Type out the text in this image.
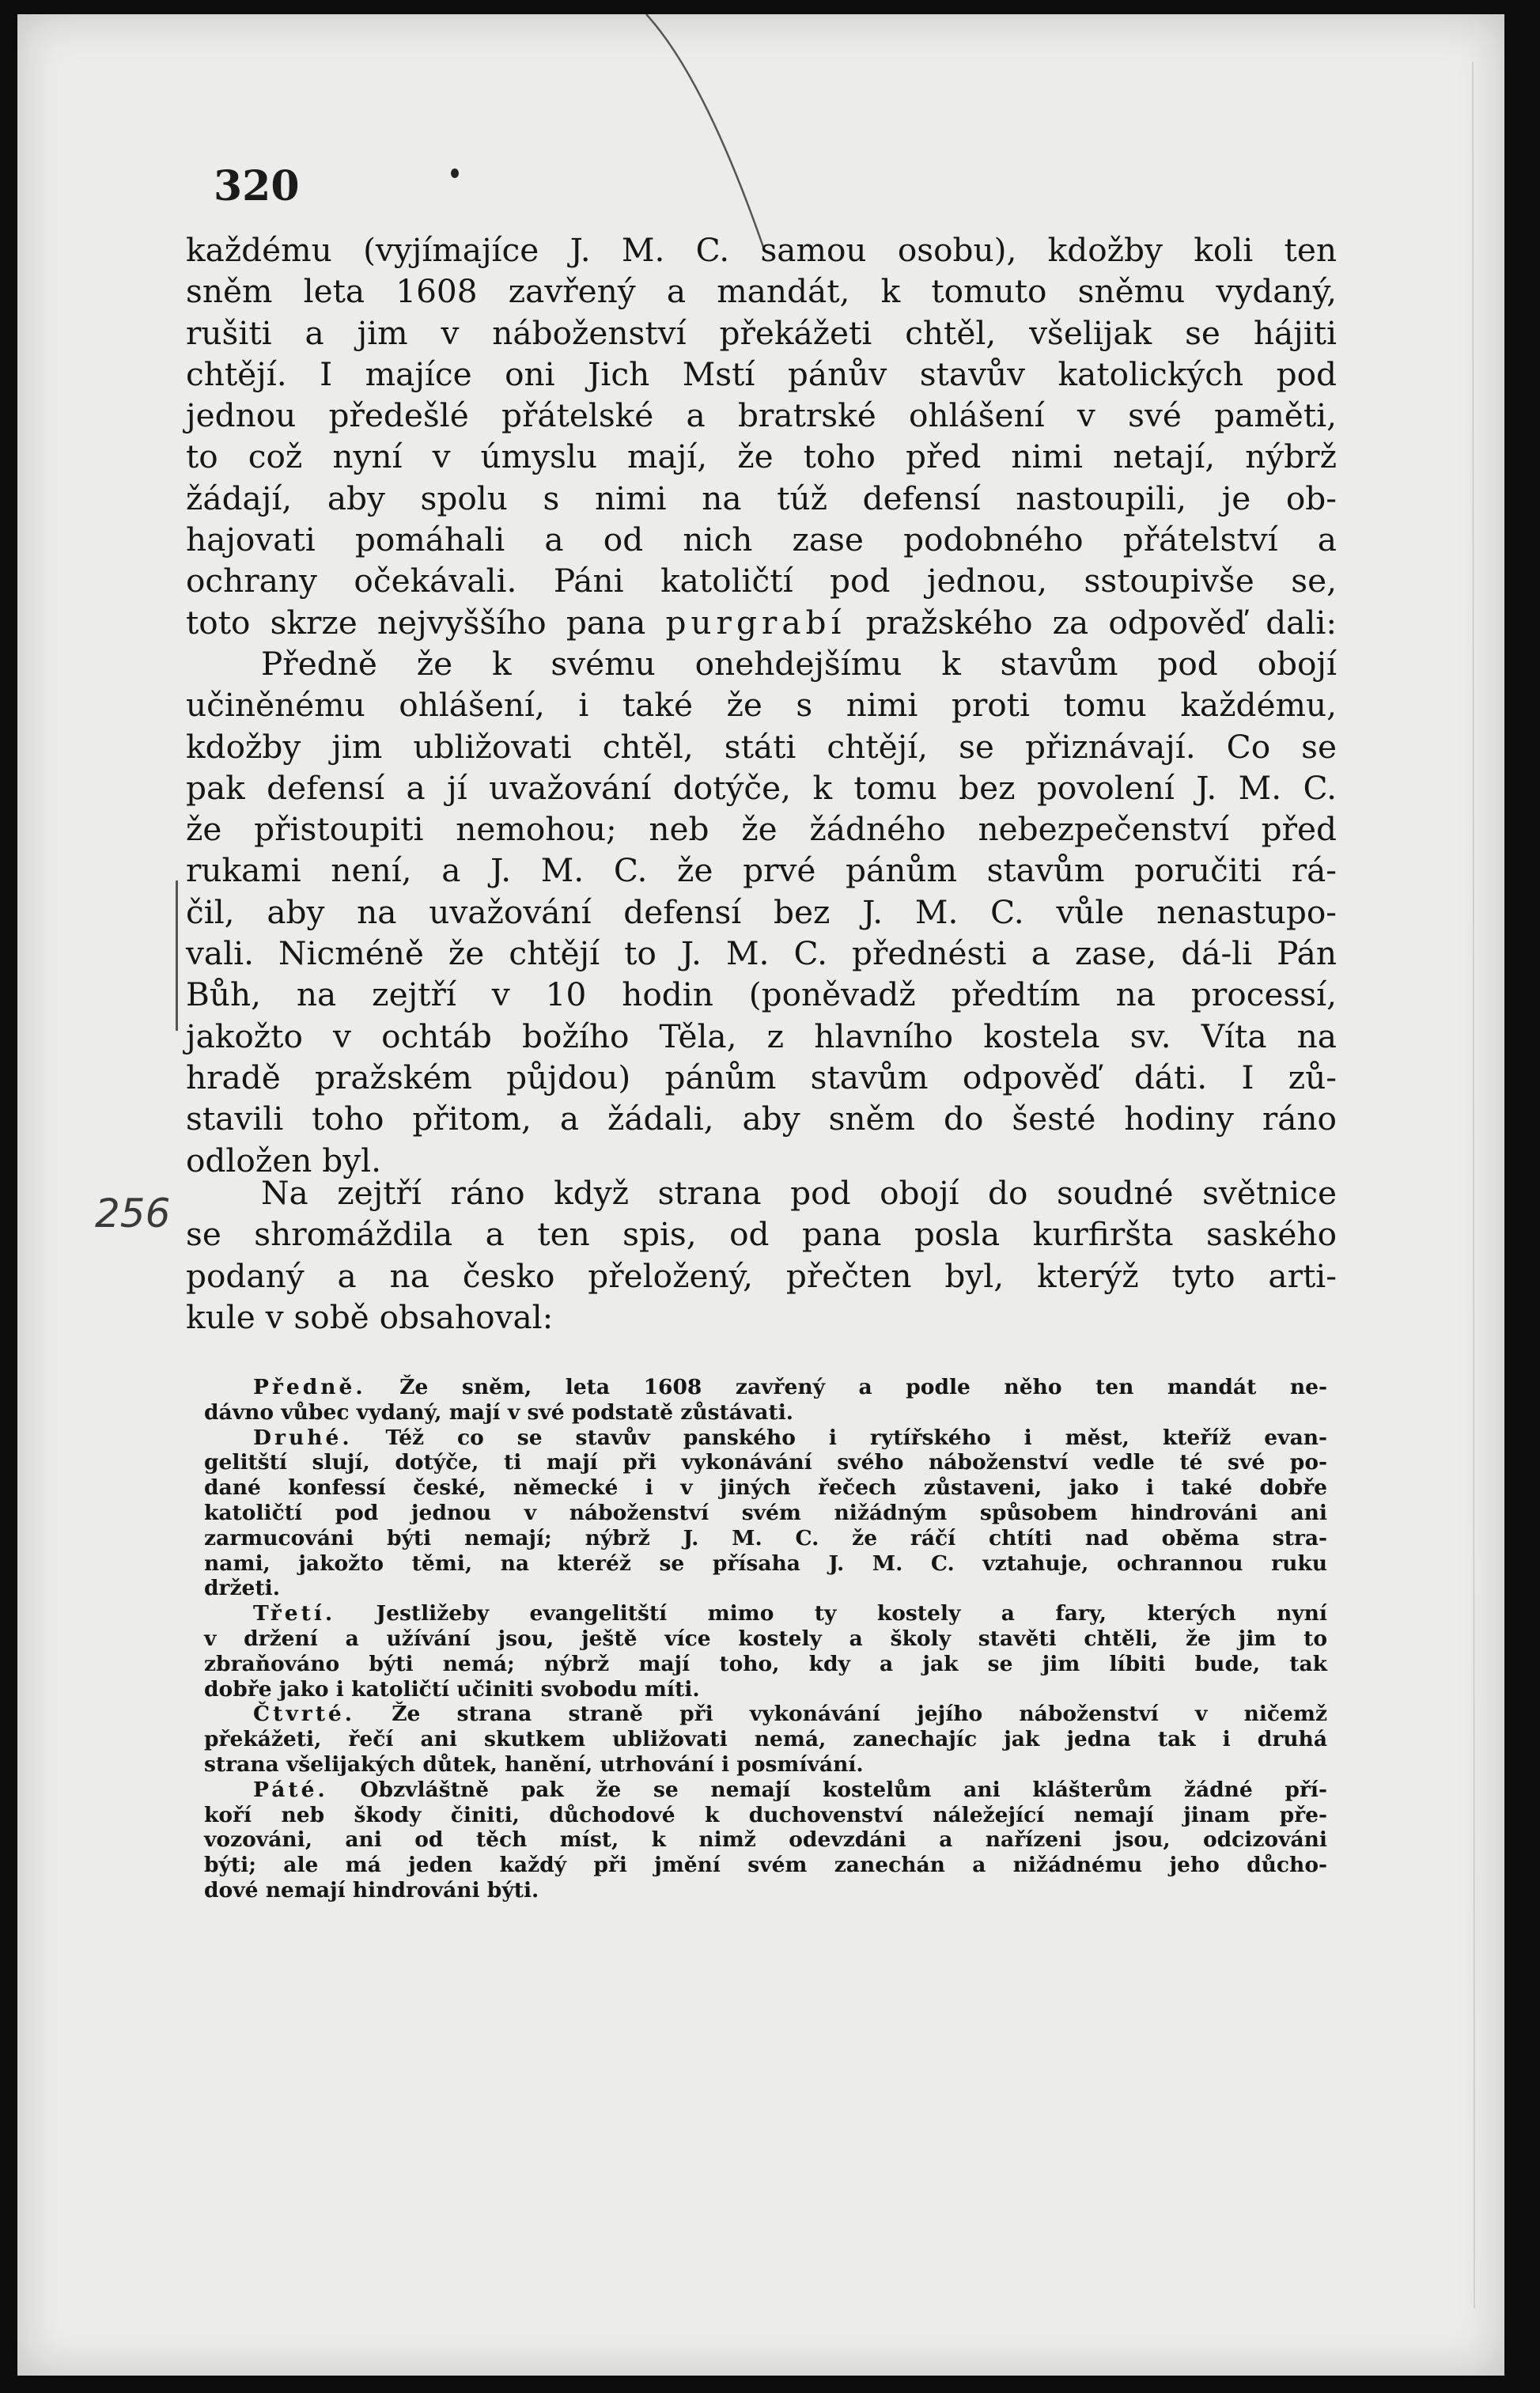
320
256
každému (vyjímajíce J. M. C. samou osobu), kdožby koli ten
sněm leta 1608 zavřený a mandát, k tomuto sněmu vydaný,
rušiti a jim v náboženství překážeti chtěl, všelijak se hájiti
chtějí. I majíce oni Jich Mstí pánův stavův katolických pod
jednou předešlé přátelské a bratrské ohlášení v své paměti,
to což nyní v úmyslu mají, že toho před nimi netají, nýbrž
žádají, aby spolu s nimi na túž defensí nastoupili, je ob-
hajovati pomáhali a od nich zase podobného přátelství a
ochrany očekávali. Páni katoličtí pod jednou, sstoupivše se,
toto skrze nejvyššího pana purgrabí pražského za odpověď dali:
Předně že k svému onehdejšímu k stavům pod obojí
učiněnému ohlášení, i také že s nimi proti tomu každému,
kdožby jim ubližovati chtěl, státi chtějí, se přiznávají. Co se
pak defensí a jí uvažování dotýče, k tomu bez povolení J. M. C.
že přistoupiti nemohou; neb že žádného nebezpečenství před
rukami není, a J. M. C. že prvé pánům stavům poručiti rá-
čil, aby na uvažování defensí bez J. M. C. vůle nenastupo-
vali. Nicméně že chtějí to J. M. C. přednésti a zase, dá-li Pán
Bůh, na zejtří v 10 hodin (poněvadž předtím na processí,
jakožto v ochtáb božího Těla, z hlavního kostela sv. Víta na
hradě pražském půjdou) pánům stavům odpověď dáti. I zů-
stavili toho přitom, a žádali, aby sněm do šesté hodiny ráno
odložen byl.
Na zejtří ráno když strana pod obojí do soudné světnice
se shromáždila a ten spis, od pana posla kurfiršta saského
podaný a na česko přeložený, přečten byl, kterýž tyto arti-
kule v sobě obsahoval:
Předně. Že sněm, leta 1608 zavřený a podle něho ten mandát ne-
dávno vůbec vydaný, mají v své podstatě zůstávati.
Druhé. Též co se stavův panského i rytířského i měst, kteříž evan-
gelitští slují, dotýče, ti mají při vykonávání svého náboženství vedle té své po-
dané konfessí české, německé i v jiných řečech zůstaveni, jako i také dobře
katoličtí pod jednou v náboženství svém nižádným spůsobem hindrováni ani
zarmucováni býti nemají; nýbrž J. M. C. že ráčí chtíti nad oběma stra-
nami, jakožto těmi, na kteréž se přísaha J. M. C. vztahuje, ochrannou ruku
držeti.
Třetí. Jestližeby evangelitští mimo ty kostely a fary, kterých nyní
v držení a užívání jsou, ještě více kostely a školy stavěti chtěli, že jim to
zbraňováno býti nemá; nýbrž mají toho, kdy a jak se jim líbiti bude, tak
dobře jako i katoličtí učiniti svobodu míti.
Čtvrté. Že strana straně při vykonávání jejího náboženství v ničemž
překážeti, řečí ani skutkem ubližovati nemá, zanechajíc jak jedna tak i druhá
strana všelijakých důtek, hanění, utrhování i posmívání.
Páté. Obzvláštně pak že se nemají kostelům ani klášterům žádné pří-
koří neb škody činiti, důchodové k duchovenství náležející nemají jinam pře-
vozováni, ani od těch míst, k nimž odevzdáni a nařízeni jsou, odcizováni
býti; ale má jeden každý při jmění svém zanechán a nižádnému jeho důcho-
dové nemají hindrováni býti.
